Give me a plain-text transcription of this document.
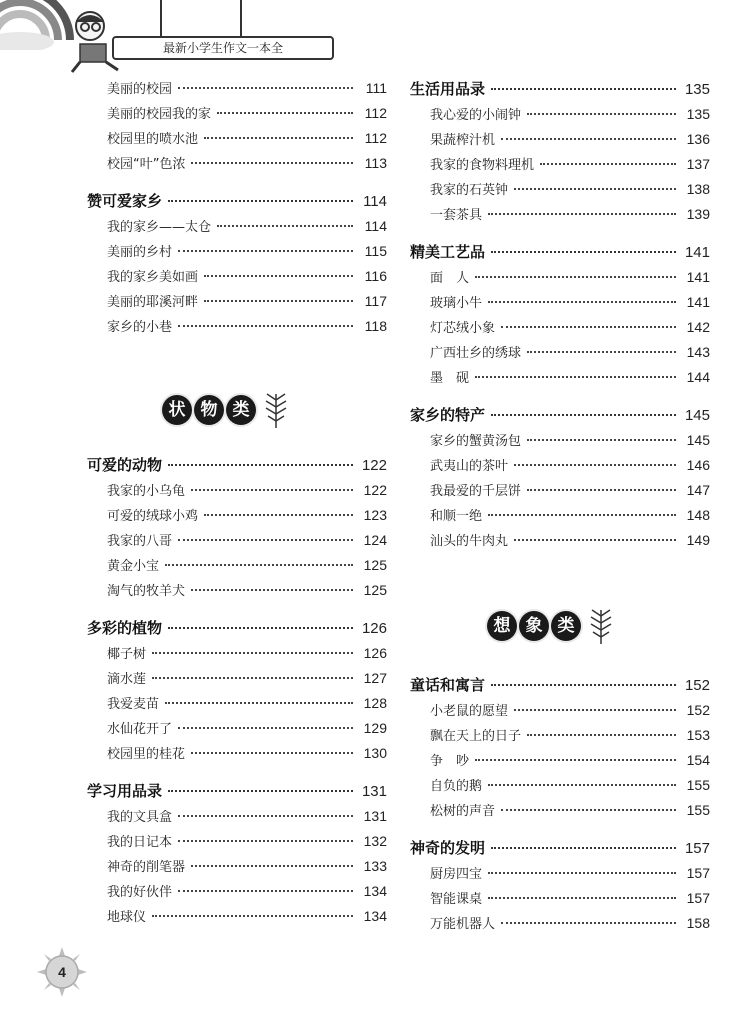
最新小学生作文一本全
美丽的校园	111
美丽的校园我的家	112
校园里的喷水池	112
校园“叶”色浓	113
赞可爱家乡	114
我的家乡——太仓	114
美丽的乡村	115
我的家乡美如画	116
美丽的耶溪河畔	117
家乡的小巷	118
状 物 类
可爱的动物	122
我家的小乌龟	122
可爱的绒球小鸡	123
我家的八哥	124
黄金小宝	125
淘气的牧羊犬	125
多彩的植物	126
椰子树	126
滴水莲	127
我爱麦苗	128
水仙花开了	129
校园里的桂花	130
学习用品录	131
我的文具盒	131
我的日记本	132
神奇的削笔器	133
我的好伙伴	134
地球仪	134
生活用品录	135
我心爱的小闹钟	135
果蔬榨汁机	136
我家的食物料理机	137
我家的石英钟	138
一套茶具	139
精美工艺品	141
面　人	141
玻璃小牛	141
灯芯绒小象	142
广西壮乡的绣球	143
墨　砚	144
家乡的特产	145
家乡的蟹黄汤包	145
武夷山的茶叶	146
我最爱的千层饼	147
和顺一绝	148
汕头的牛肉丸	149
想 象 类
童话和寓言	152
小老鼠的愿望	152
飘在天上的日子	153
争　吵	154
自负的鹅	155
松树的声音	155
神奇的发明	157
厨房四宝	157
智能课桌	157
万能机器人	158
4
